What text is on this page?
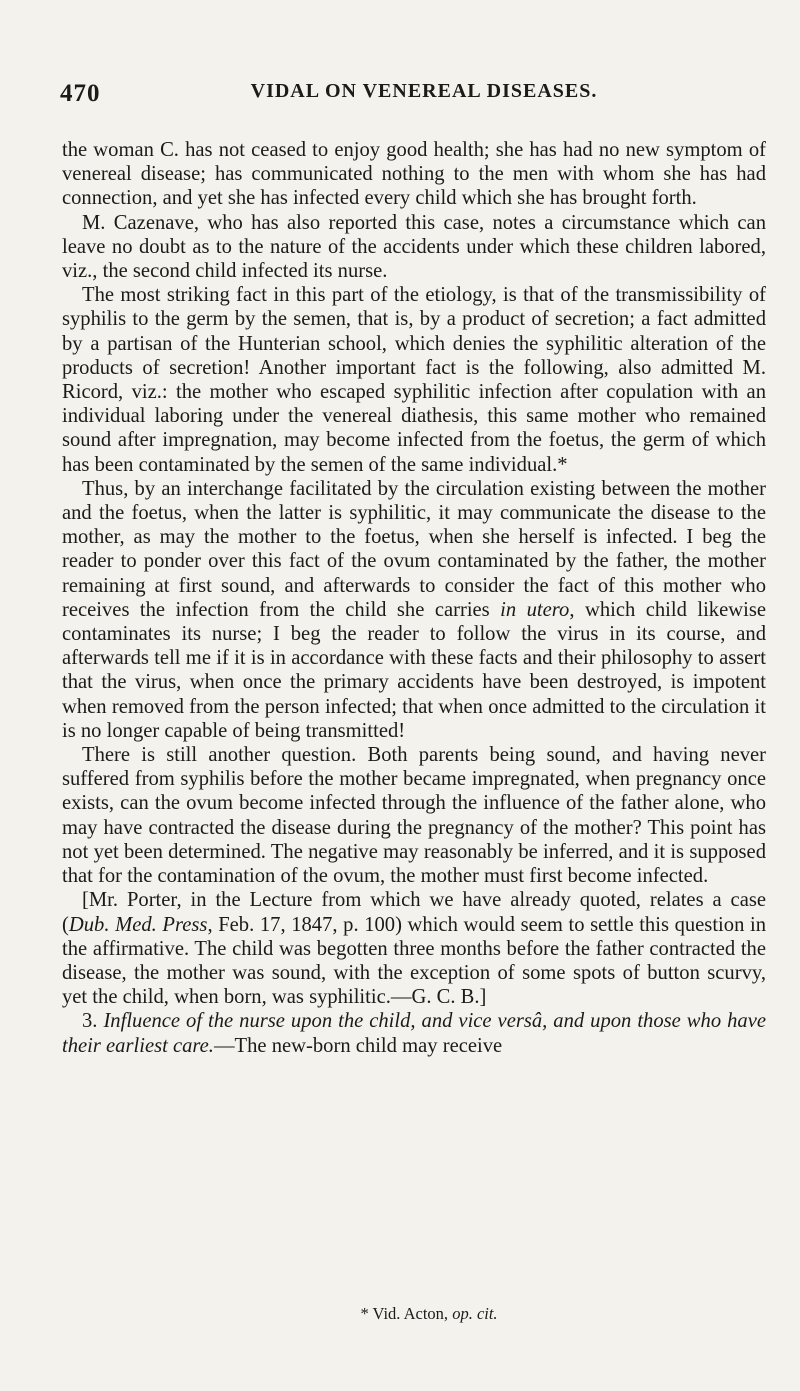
470	VIDAL ON VENEREAL DISEASES.

the woman C. has not ceased to enjoy good health; she has had no new symptom of venereal disease; has communicated nothing to the men with whom she has had connection, and yet she has infected every child which she has brought forth.

M. Cazenave, who has also reported this case, notes a circumstance which can leave no doubt as to the nature of the accidents under which these children labored, viz., the second child infected its nurse.

The most striking fact in this part of the etiology, is that of the transmissibility of syphilis to the germ by the semen, that is, by a product of secretion; a fact admitted by a partisan of the Hunterian school, which denies the syphilitic alteration of the products of secretion! Another important fact is the following, also admitted M. Ricord, viz.: the mother who escaped syphilitic infection after copulation with an individual laboring under the venereal diathesis, this same mother who remained sound after impregnation, may become infected from the foetus, the germ of which has been contaminated by the semen of the same individual.*

Thus, by an interchange facilitated by the circulation existing between the mother and the foetus, when the latter is syphilitic, it may communicate the disease to the mother, as may the mother to the foetus, when she herself is infected. I beg the reader to ponder over this fact of the ovum contaminated by the father, the mother remaining at first sound, and afterwards to consider the fact of this mother who receives the infection from the child she carries in utero, which child likewise contaminates its nurse; I beg the reader to follow the virus in its course, and afterwards tell me if it is in accordance with these facts and their philosophy to assert that the virus, when once the primary accidents have been destroyed, is impotent when removed from the person infected; that when once admitted to the circulation it is no longer capable of being transmitted!

There is still another question. Both parents being sound, and having never suffered from syphilis before the mother became impregnated, when pregnancy once exists, can the ovum become infected through the influence of the father alone, who may have contracted the disease during the pregnancy of the mother? This point has not yet been determined. The negative may reasonably be inferred, and it is supposed that for the contamination of the ovum, the mother must first become infected.

[Mr. Porter, in the Lecture from which we have already quoted, relates a case (Dub. Med. Press, Feb. 17, 1847, p. 100) which would seem to settle this question in the affirmative. The child was begotten three months before the father contracted the disease, the mother was sound, with the exception of some spots of button scurvy, yet the child, when born, was syphilitic.—G. C. B.]

3. Influence of the nurse upon the child, and vice versâ, and upon those who have their earliest care.—The new-born child may receive

* Vid. Acton, op. cit.
